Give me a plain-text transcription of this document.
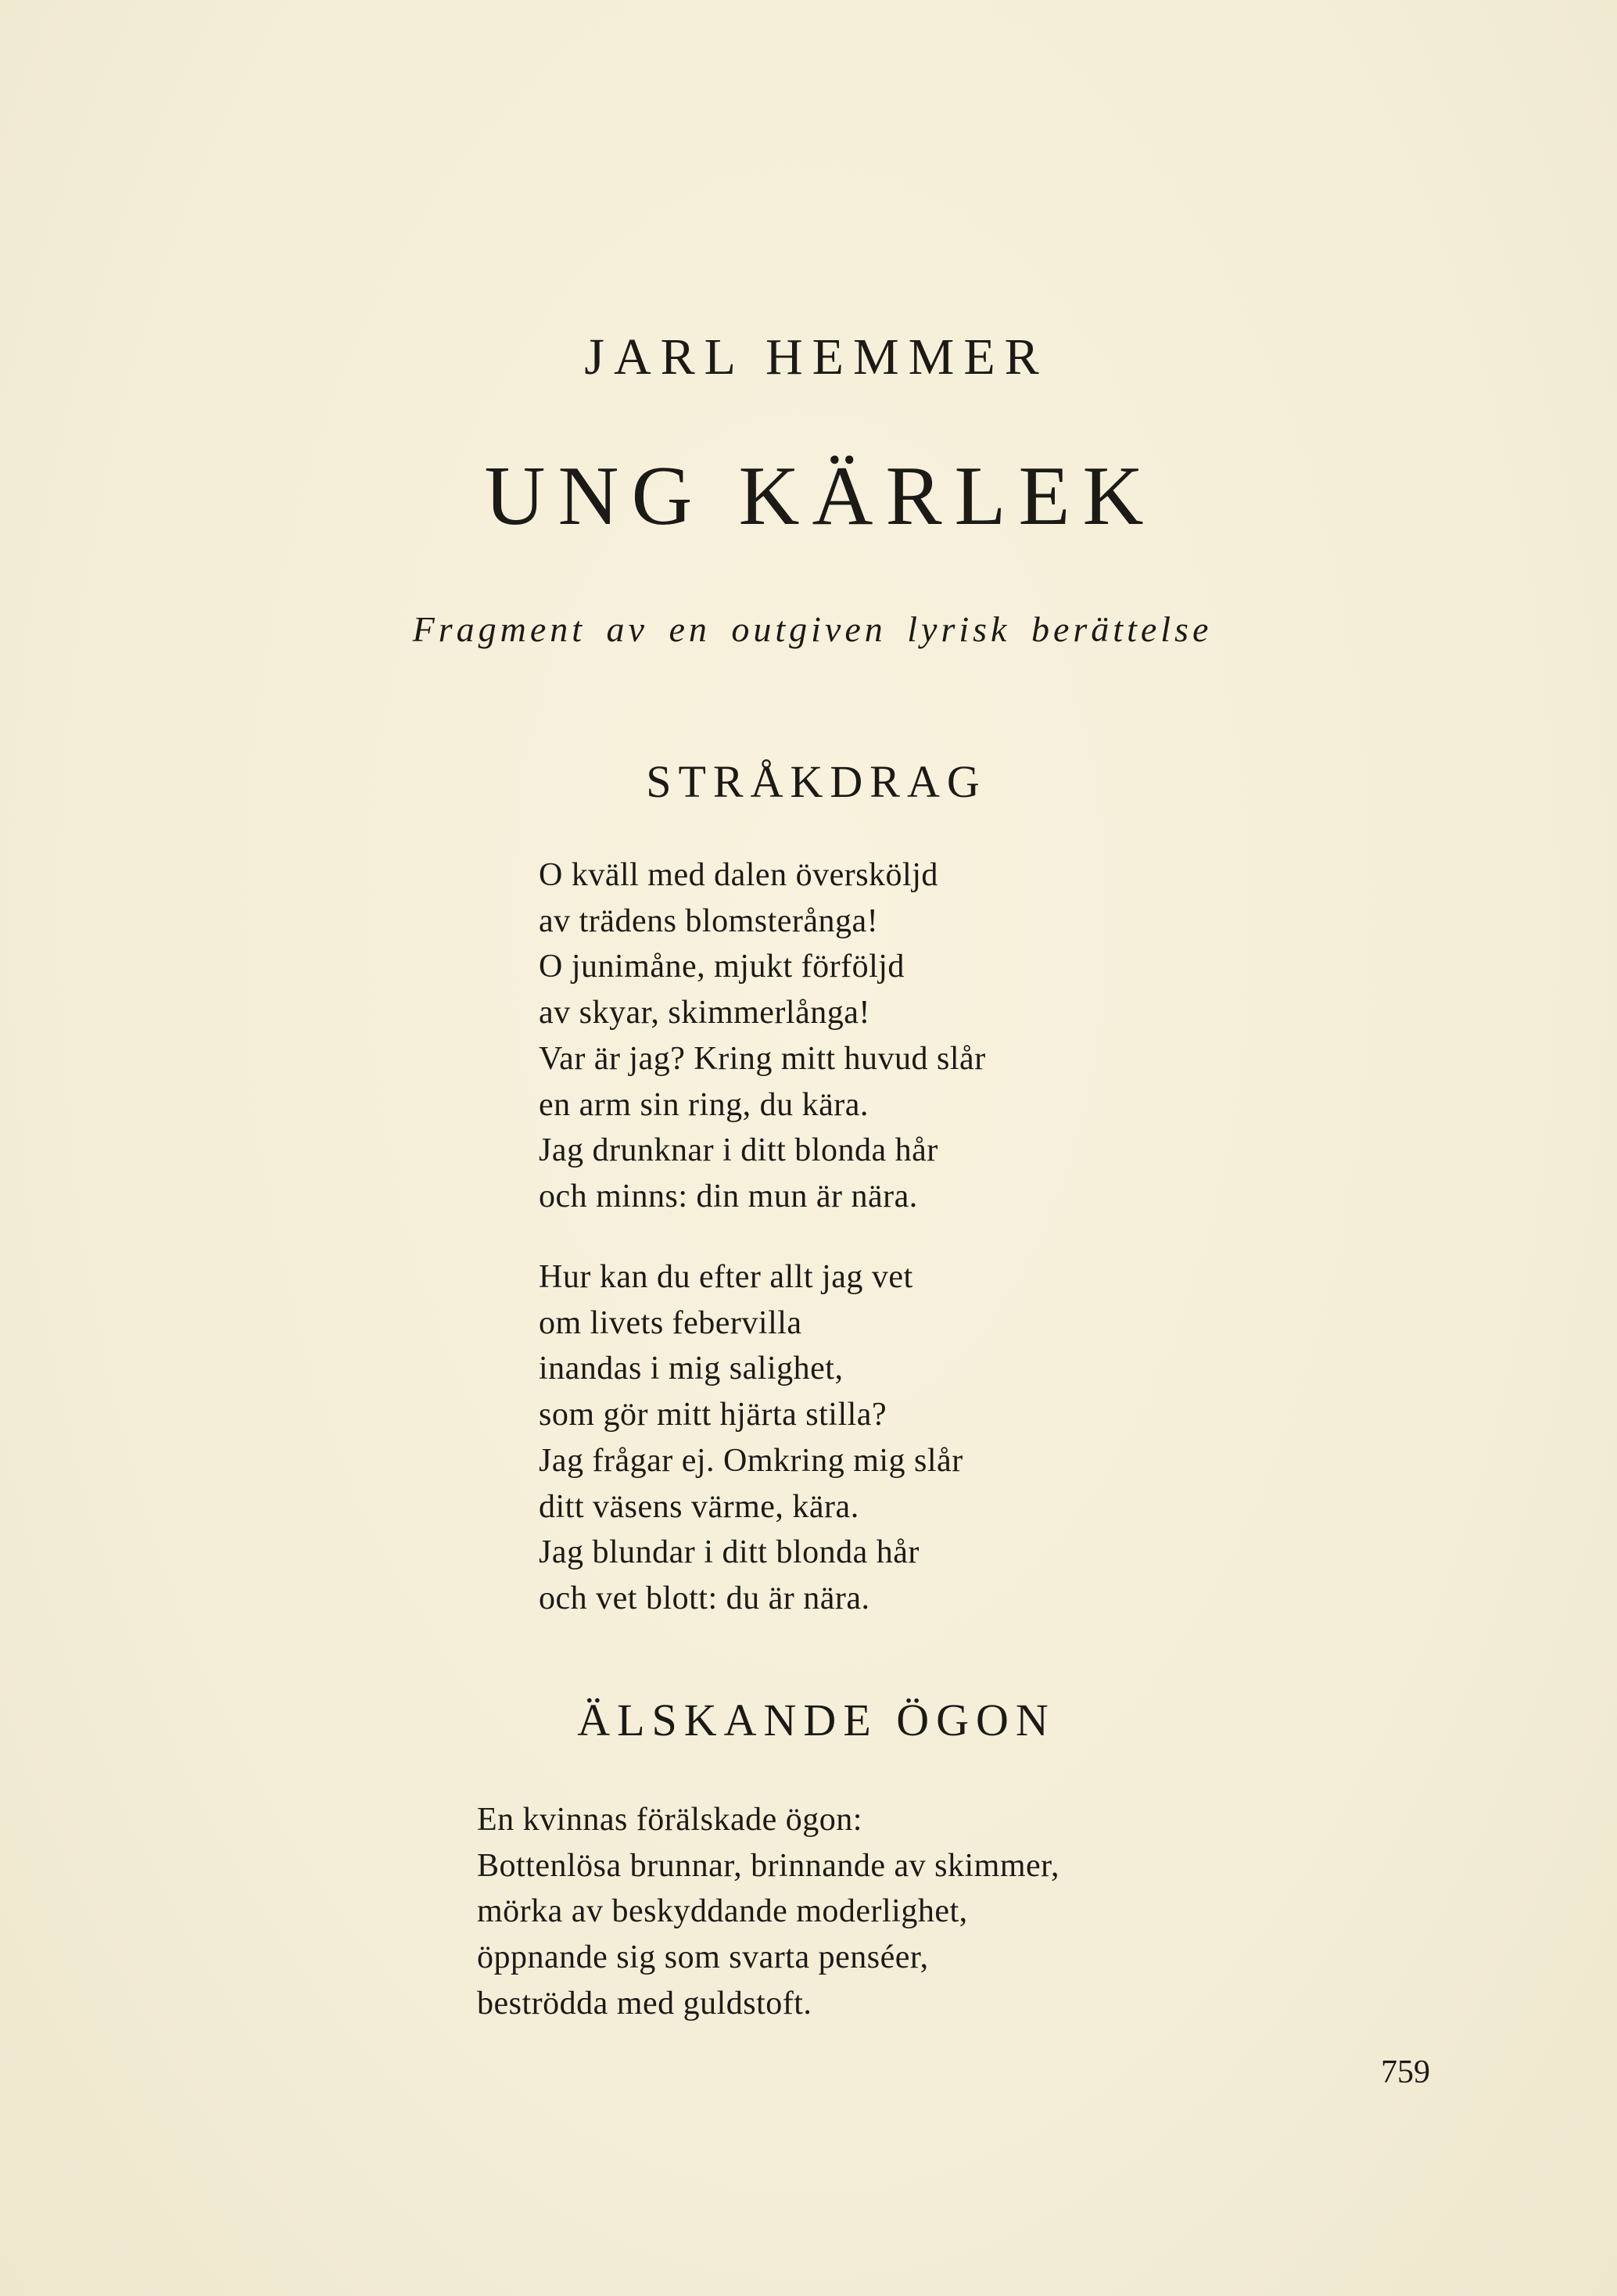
JARL HEMMER
UNG KÄRLEK
Fragment av en outgiven lyrisk berättelse
STRÅKDRAG
O kväll med dalen översköljd
av trädens blomsterånga!
O junimåne, mjukt förföljd
av skyar, skimmerlånga!
Var är jag? Kring mitt huvud slår
en arm sin ring, du kära.
Jag drunknar i ditt blonda hår
och minns: din mun är nära.
Hur kan du efter allt jag vet
om livets febervilla
inandas i mig salighet,
som gör mitt hjärta stilla?
Jag frågar ej. Omkring mig slår
ditt väsens värme, kära.
Jag blundar i ditt blonda hår
och vet blott: du är nära.
ÄLSKANDE ÖGON
En kvinnas förälskade ögon:
Bottenlösa brunnar, brinnande av skimmer,
mörka av beskyddande moderlighet,
öppnande sig som svarta penséer,
beströdda med guldstoft.
759
